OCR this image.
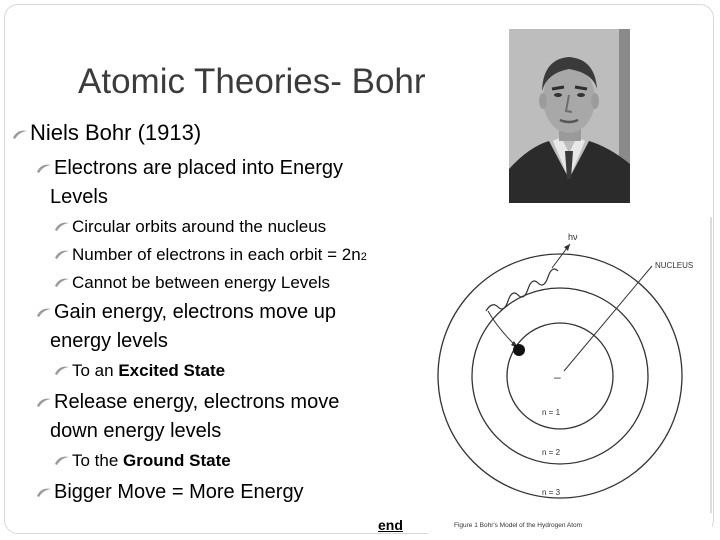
Atomic Theories- Bohr
Niels Bohr (1913)
Electrons are placed into Energy
Levels
Circular orbits around the nucleus
Number of electrons in each orbit = 2n 2
Cannot be between energy Levels
Gain energy, electrons move up
energy levels
To an
Excited State
Release energy, electrons move
down energy levels
To the
Ground State
Bigger Move = More Energy
hν
NUCLEUS
–
n = 1
n = 2
n = 3
Figure 1 Bohr's Model of the Hydrogen Atom
end
